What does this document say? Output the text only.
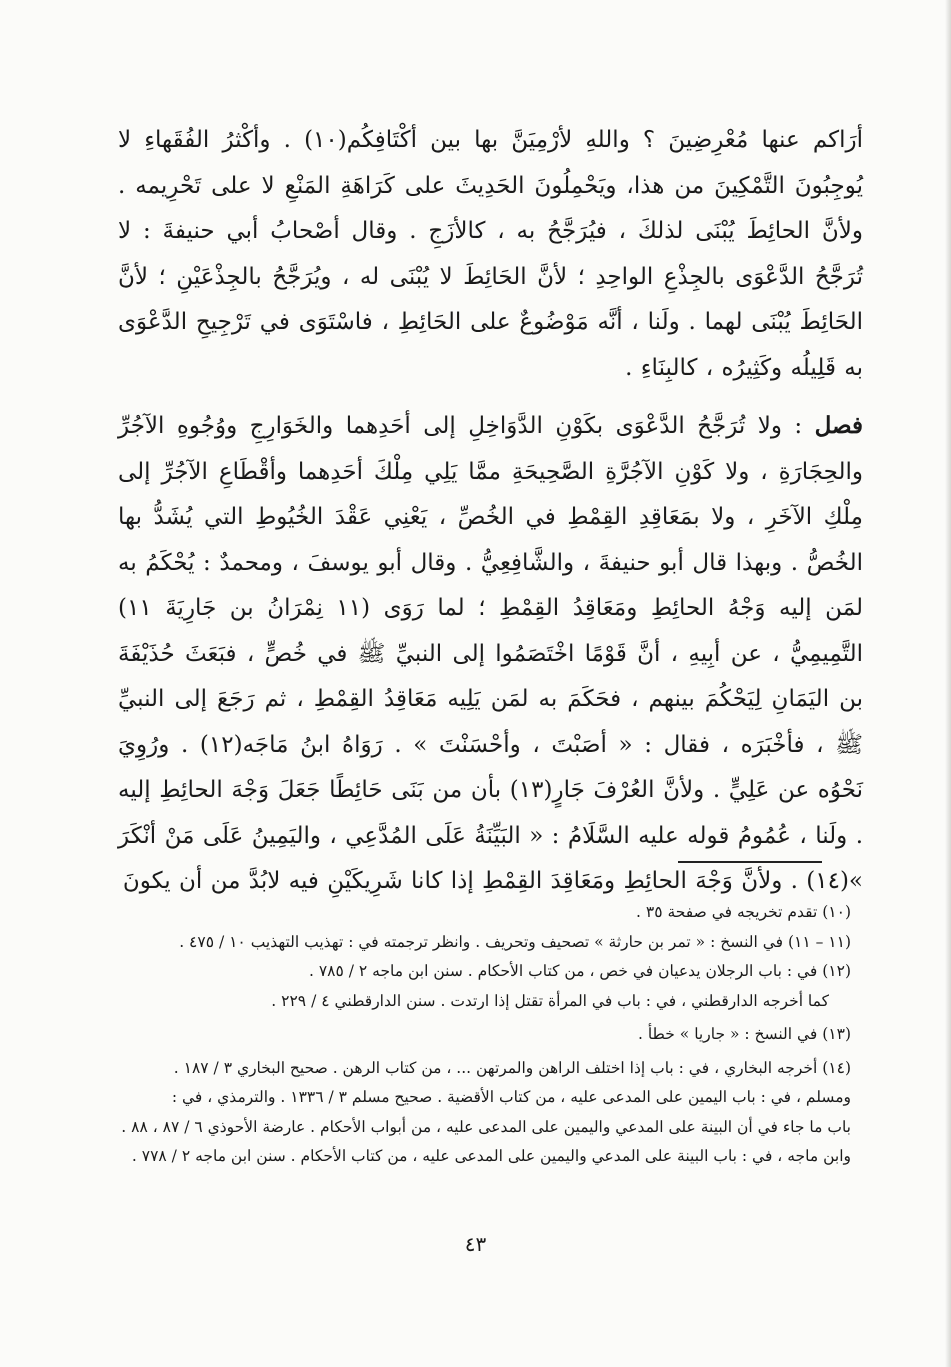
أرَاكم عنها مُعْرِضِينَ ؟ واللهِ لأرْمِيَنَّ بها بين أكْتَافِكُم(١٠) . وأكْثرُ الفُقَهاءِ لا يُوجِبُونَ التَّمْكِينَ من هذا، ويَحْمِلُونَ الحَدِيثَ على كَرَاهَةِ المَنْعِ لا على تَحْرِيمه . ولأنَّ الحائِطَ يُبْنَى لذلكَ ، فيُرَجَّحُ به ، كالأزَجِ . وقال أصْحابُ أبي حنيفةَ : لا تُرَجَّحُ الدَّعْوَى بالجِذْعِ الواحِدِ ؛ لأنَّ الحَائِطَ لا يُبْنَى له ، ويُرَجَّحُ بالجِذْعَيْنِ ؛ لأنَّ الحَائِطَ يُبْنَى لهما . ولَنا ، أنَّه مَوْضُوعٌ على الحَائِطِ ، فاسْتَوَى في تَرْجِيحِ الدَّعْوَى به قَلِيلُه وكَثِيرُه ، كالبِنَاءِ .

فصل : ولا تُرَجَّحُ الدَّعْوَى بكَوْنِ الدَّوَاخِلِ إلى أحَدِهما والخَوَارِجِ ووُجُوهِ الآجُرِّ والحِجَارَةِ ، ولا كَوْنِ الآجُرَّةِ الصَّحِيحَةِ ممَّا يَلِي مِلْكَ أحَدِهما وأقْطَاعِ الآجُرِّ إلى مِلْكِ الآخَرِ ، ولا بمَعَاقِدِ القِمْطِ في الخُصِّ ، يَعْنِي عَقْدَ الخُيُوطِ التي يُشَدُّ بها الخُصُّ . وبهذا قال أبو حنيفةَ ، والشَّافِعِيُّ . وقال أبو يوسفَ ، ومحمدٌ : يُحْكَمُ به لمَن إليه وَجْهُ الحائِطِ ومَعَاقِدُ القِمْطِ ؛ لما رَوَى (١١ نِمْرَانُ بن جَارِيَةَ ١١) التَّمِيمِيُّ ، عن أبِيهِ ، أنَّ قَوْمًا اخْتَصَمُوا إلى النبيِّ ﷺ في خُصٍّ ، فبَعَثَ حُذَيْفَةَ بن اليَمَانِ لِيَحْكُمَ بينهم ، فحَكَمَ به لمَن يَلِيه مَعَاقِدُ القِمْطِ ، ثم رَجَعَ إلى النبيِّ ﷺ ، فأخْبَرَه ، فقال : « أصَبْتَ ، وأحْسَنْتَ » . رَوَاهُ ابنُ مَاجَه(١٢) . ورُوِيَ نَحْوُه عن عَلِيٍّ . ولأنَّ العُرْفَ جَارٍ(١٣) بأن من بَنَى حَائِطًا جَعَلَ وَجْهَ الحائِطِ إليه . ولَنا ، عُمُومُ قوله عليه السَّلَامُ : « البَيِّنَةُ عَلَى المُدَّعِي ، واليَمِينُ عَلَى مَنْ أنْكَرَ »(١٤) . ولأنَّ وَجْهَ الحائِطِ ومَعَاقِدَ القِمْطِ إذا كانا شَرِيكَيْنِ فيه لابُدَّ من أن يكونَ

(١٠) تقدم تخريجه في صفحة ٣٥ .

(١١ – ١١) في النسخ : « تمر بن حارثة » تصحيف وتحريف . وانظر ترجمته في : تهذيب التهذيب ١٠ / ٤٧٥ .

(١٢) في : باب الرجلان يدعيان في خص ، من كتاب الأحكام . سنن ابن ماجه ٢ / ٧٨٥ .

كما أخرجه الدارقطني ، في : باب في المرأة تقتل إذا ارتدت . سنن الدارقطني ٤ / ٢٢٩ .

(١٣) في النسخ : « جاريا » خطأ .

(١٤) أخرجه البخاري ، في : باب إذا اختلف الراهن والمرتهن ... ، من كتاب الرهن . صحيح البخاري ٣ / ١٨٧ .

ومسلم ، في : باب اليمين على المدعى عليه ، من كتاب الأقضية . صحيح مسلم ٣ / ١٣٣٦ . والترمذي ، في :

باب ما جاء في أن البينة على المدعي واليمين على المدعى عليه ، من أبواب الأحكام . عارضة الأحوذي ٦ / ٨٧ ، ٨٨ .

وابن ماجه ، في : باب البينة على المدعي واليمين على المدعى عليه ، من كتاب الأحكام . سنن ابن ماجه ٢ / ٧٧٨ .

٤٣
